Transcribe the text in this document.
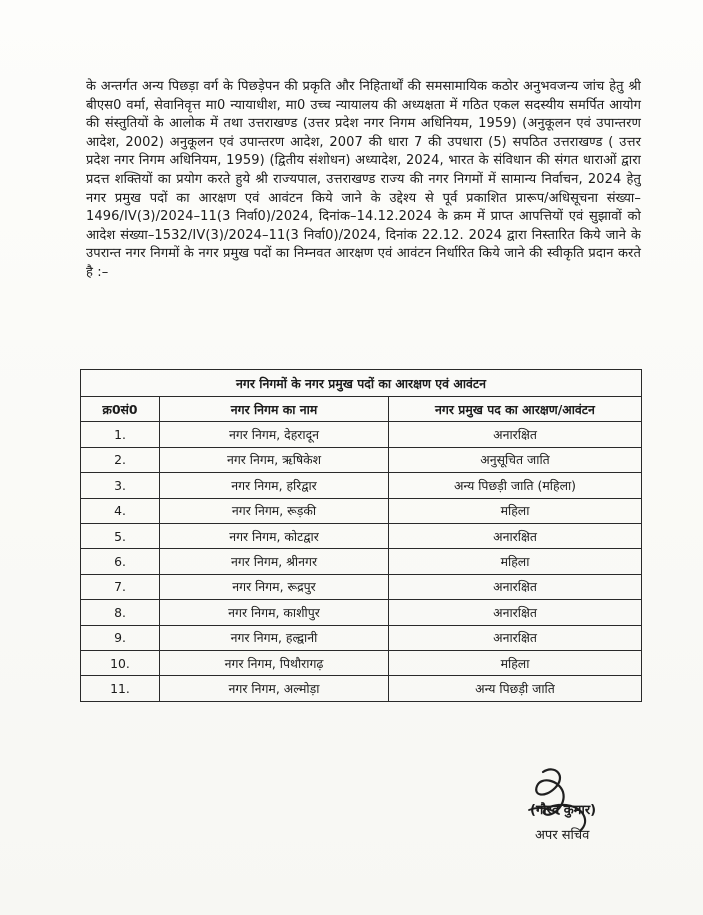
के अन्तर्गत अन्य पिछड़ा वर्ग के पिछड़ेपन की प्रकृति और निहितार्थों की समसामायिक कठोर अनुभवजन्य जांच हेतु श्री बीएस0 वर्मा, सेवानिवृत्त मा0 न्यायाधीश, मा0 उच्च न्यायालय की अध्यक्षता में गठित एकल सदस्यीय समर्पित आयोग की संस्तुतियों के आलोक में तथा उत्तराखण्ड (उत्तर प्रदेश नगर निगम अधिनियम, 1959) (अनुकूलन एवं उपान्तरण आदेश, 2002) अनुकूलन एवं उपान्तरण आदेश, 2007 की धारा 7 की उपधारा (5) सपठित उत्तराखण्ड ( उत्तर प्रदेश नगर निगम अधिनियम, 1959) (द्वितीय संशोधन) अध्यादेश, 2024, भारत के संविधान की संगत धाराओं द्वारा प्रदत्त शक्तियों का प्रयोग करते हुये श्री राज्यपाल, उत्तराखण्ड राज्य की नगर निगमों में सामान्य निर्वाचन, 2024 हेतु नगर प्रमुख पदों का आरक्षण एवं आवंटन किये जाने के उद्देश्य से पूर्व प्रकाशित प्रारूप/अधिसूचना संख्या–1496/IV(3)/2024–11(3 निर्वा0)/2024, दिनांक–14.12.2024 के क्रम में प्राप्त आपत्तियों एवं सुझावों को आदेश संख्या–1532/IV(3)/2024–11(3 निर्वा0)/2024, दिनांक 22.12. 2024 द्वारा निस्तारित किये जाने के उपरान्त नगर निगमों के नगर प्रमुख पदों का निम्नवत आरक्षण एवं आवंटन निर्धारित किये जाने की स्वीकृति प्रदान करते है :–

नगर निगमों के नगर प्रमुख पदों का आरक्षण एवं आवंटन		
क्र0सं0	नगर निगम का नाम	नगर प्रमुख पद का आरक्षण/आवंटन
1.	नगर निगम, देहरादून	अनारक्षित
2.	नगर निगम, ऋषिकेश	अनुसूचित जाति
3.	नगर निगम, हरिद्वार	अन्य पिछड़ी जाति (महिला)
4.	नगर निगम, रूड़की	महिला
5.	नगर निगम, कोटद्वार	अनारक्षित
6.	नगर निगम, श्रीनगर	महिला
7.	नगर निगम, रूद्रपुर	अनारक्षित
8.	नगर निगम, काशीपुर	अनारक्षित
9.	नगर निगम, हल्द्वानी	अनारक्षित
10.	नगर निगम, पिथौरागढ़	महिला
11.	नगर निगम, अल्मोड़ा	अन्य पिछड़ी जाति
(गौरव कुमार)
अपर सचिव
